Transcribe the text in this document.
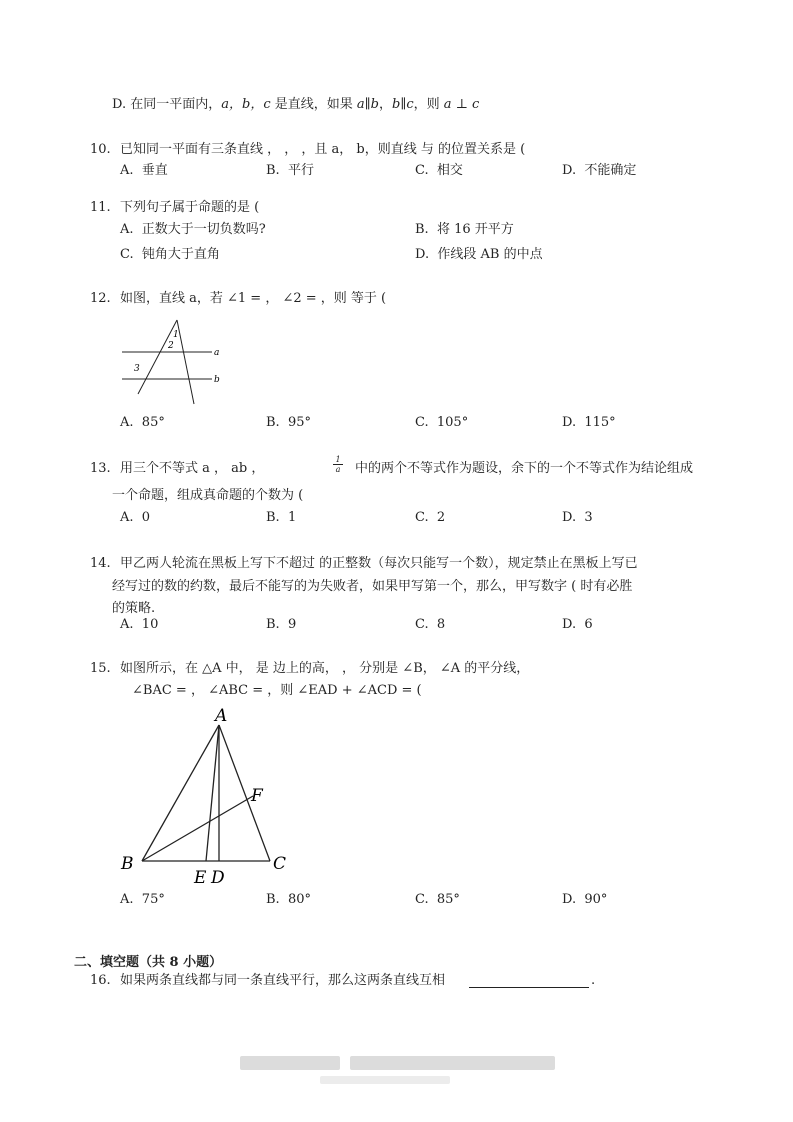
D. 在同一平面内，a，b，c 是直线，如果 a∥b，b∥c，则 a ⊥ c
10. 已知同一平面有三条直线 ， ， ，且 a， b，则直线 与 的位置关系是 (
A. 垂直	B. 平行	C. 相交	D. 不能确定
11. 下列句子属于命题的是 (
A. 正数大于一切负数吗?	B. 将 16 开平方
C. 钝角大于直角	D. 作线段 AB 的中点
12. 如图，直线 a，若 ∠1 = ， ∠2 = ，则 等于 (
1
2
3
a
b
A. 85°	B. 95°	C. 105°	D. 115°
13. 用三个不等式 a ， ab ，	$\frac{1}{a}$ 中的两个不等式作为题设，余下的一个不等式作为结论组成
一个命题，组成真命题的个数为 (
A. 0	B. 1	C. 2	D. 3
14. 甲乙两人轮流在黑板上写下不超过 的正整数（每次只能写一个数），规定禁止在黑板上写已
经写过的数的约数，最后不能写的为失败者，如果甲写第一个，那么，甲写数字 ( 时有必胜
的策略.
A. 10	B. 9	C. 8	D. 6
15. 如图所示，在 △A 中， 是 边上的高， ， 分别是 ∠B， ∠A 的平分线，
∠BAC = ， ∠ABC = ，则 ∠EAD + ∠ACD = (
A
B	C
E D
F
A. 75°	B. 80°	C. 85°	D. 90°
二、填空题（共 8 小题）
16. 如果两条直线都与同一条直线平行，那么这两条直线互相	.
